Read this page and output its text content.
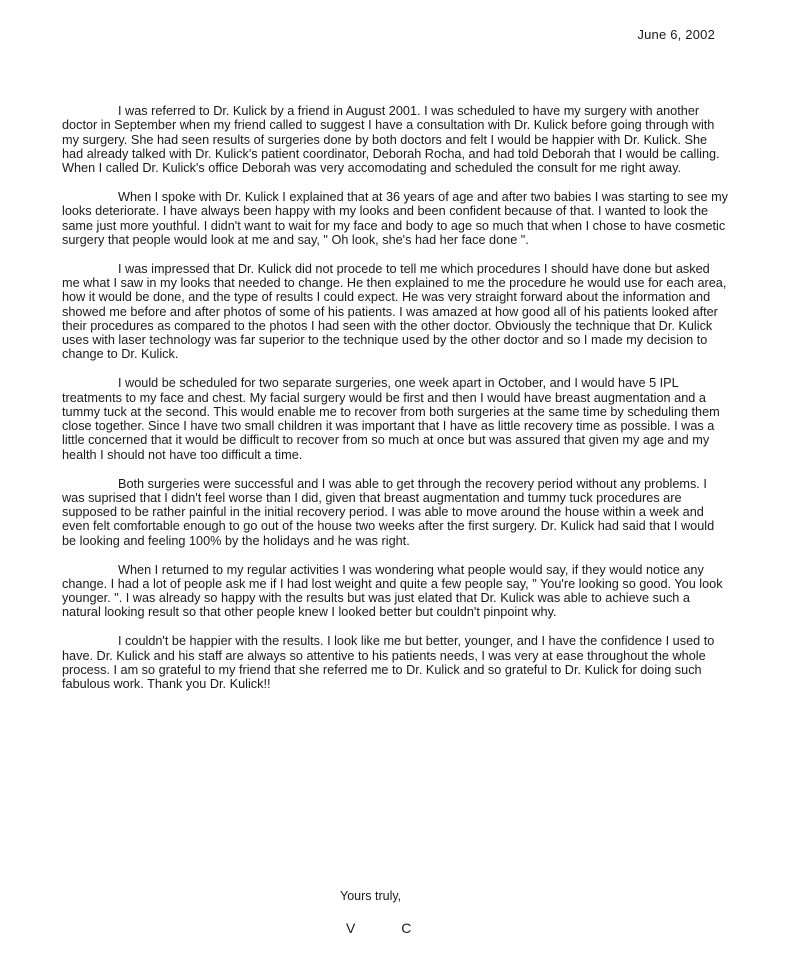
June 6, 2002

I was referred to Dr. Kulick by a friend in August 2001. I was scheduled to have my surgery with another doctor in September when my friend called to suggest I have a consultation with Dr. Kulick before going through with my surgery. She had seen results of surgeries done by both doctors and felt I would be happier with Dr. Kulick. She had already talked with Dr. Kulick's patient coordinator, Deborah Rocha, and had told Deborah that I would be calling. When I called Dr. Kulick's office Deborah was very accomodating and scheduled the consult for me right away.

When I spoke with Dr. Kulick I explained that at 36 years of age and after two babies I was starting to see my looks deteriorate. I have always been happy with my looks and been confident because of that. I wanted to look the same just more youthful. I didn't want to wait for my face and body to age so much that when I chose to have cosmetic surgery that people would look at me and say, " Oh look, she's had her face done ".

I was impressed that Dr. Kulick did not procede to tell me which procedures I should have done but asked me what I saw in my looks that needed to change. He then explained to me the procedure he would use for each area, how it would be done, and the type of results I could expect. He was very straight forward about the information and showed me before and after photos of some of his patients. I was amazed at how good all of his patients looked after their procedures as compared to the photos I had seen with the other doctor. Obviously the technique that Dr. Kulick uses with laser technology was far superior to the technique used by the other doctor and so I made my decision to change to Dr. Kulick.

I would be scheduled for two separate surgeries, one week apart in October, and I would have 5 IPL treatments to my face and chest. My facial surgery would be first and then I would have breast augmentation and a tummy tuck at the second. This would enable me to recover from both surgeries at the same time by scheduling them close together. Since I have two small children it was important that I have as little recovery time as possible. I was a little concerned that it would be difficult to recover from so much at once but was assured that given my age and my health I should not have too difficult a time.

Both surgeries were successful and I was able to get through the recovery period without any problems. I was suprised that I didn't feel worse than I did, given that breast augmentation and tummy tuck procedures are supposed to be rather painful in the initial recovery period. I was able to move around the house within a week and even felt comfortable enough to go out of the house two weeks after the first surgery. Dr. Kulick had said that I would be looking and feeling 100% by the holidays and he was right.

When I returned to my regular activities I was wondering what people would say, if they would notice any change. I had a lot of people ask me if I had lost weight and quite a few people say, " You're looking so good. You look younger. ". I was already so happy with the results but was just elated that Dr. Kulick was able to achieve such a natural looking result so that other people knew I looked better but couldn't pinpoint why.

I couldn't be happier with the results. I look like me but better, younger, and I have the confidence I used to have. Dr. Kulick and his staff are always so attentive to his patients needs, I was very at ease throughout the whole process. I am so grateful to my friend that she referred me to Dr. Kulick and so grateful to Dr. Kulick for doing such fabulous work. Thank you Dr. Kulick!!

Yours truly,
V C
